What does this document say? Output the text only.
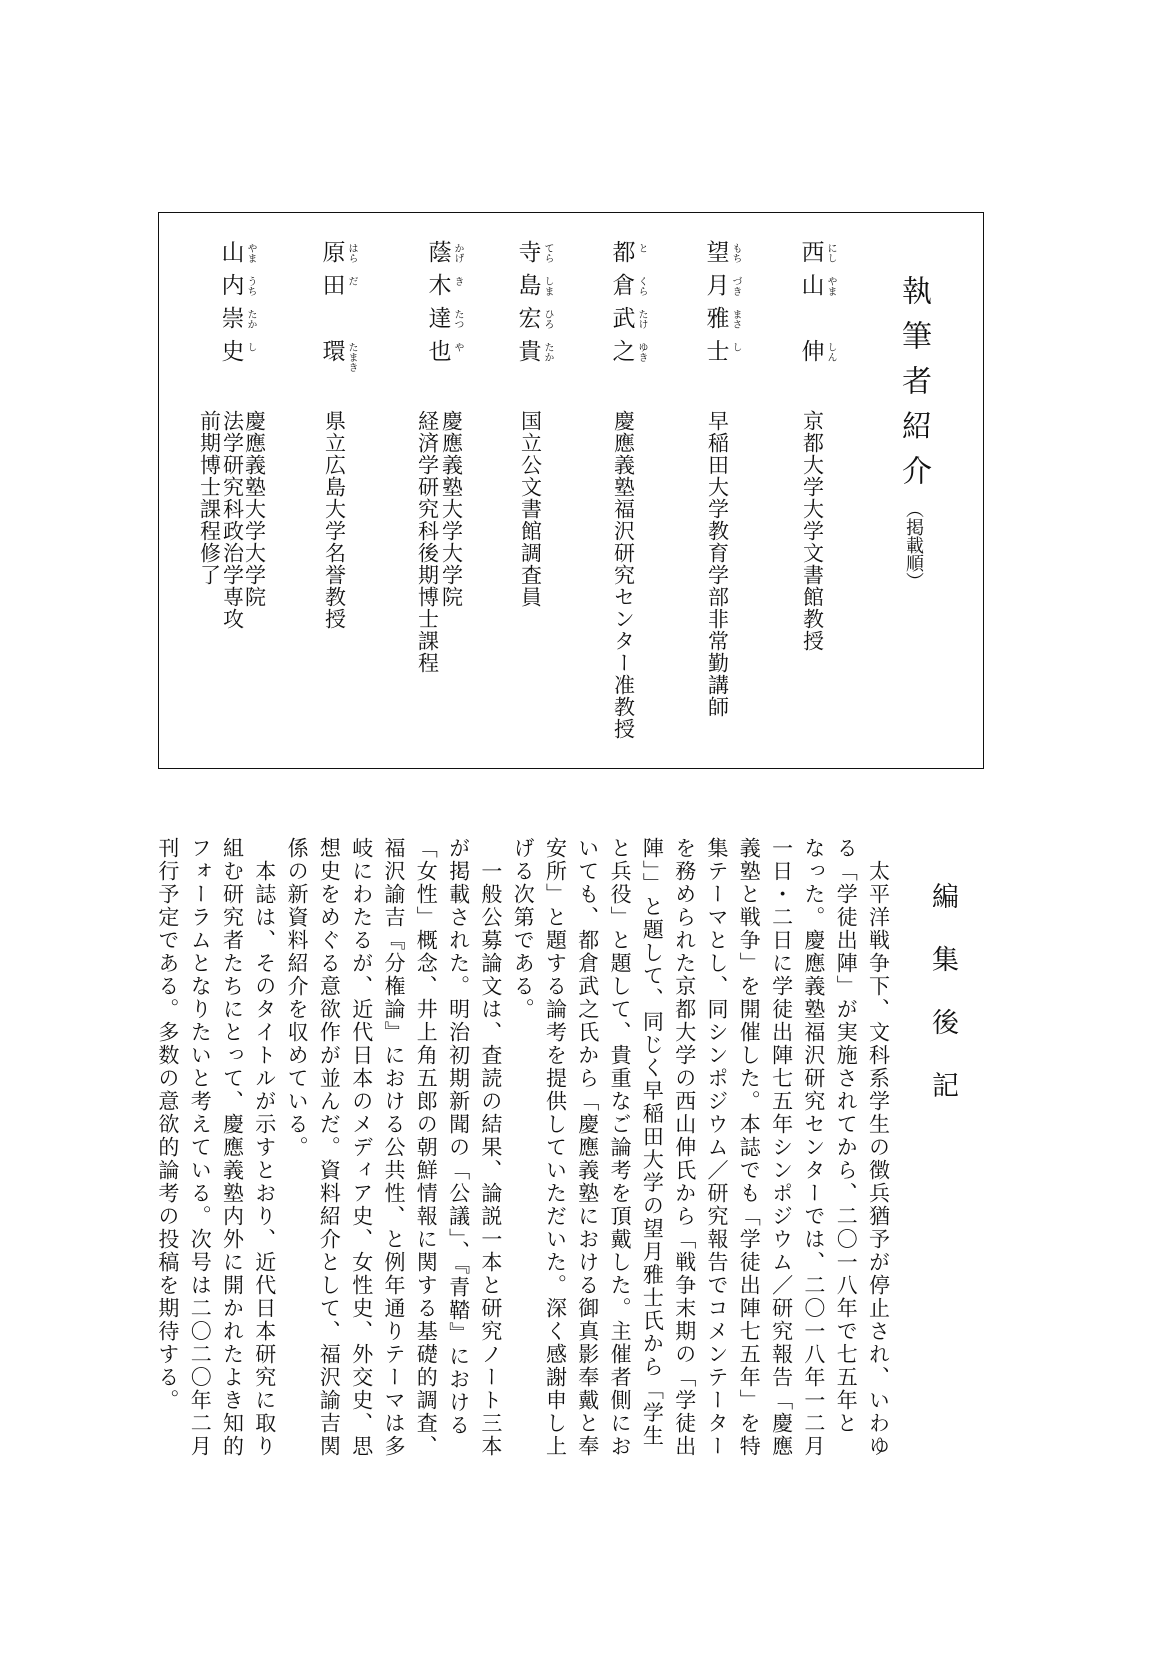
執筆者紹介
（掲載順）
西 にし
山 やま
伸 しん
京都大学大学文書館教授
望 もち
月 づき
雅 まさ
士 し
早稲田大学教育学部非常勤講師
都 と
倉 くら
武 たけ
之 ゆき
慶應義塾福沢研究センター准教授
寺 てら
島 しま
宏 ひろ
貴 たか
国立公文書館調査員
蔭 かげ
木 き
達 たつ
也 や
慶應義塾大学大学院
経済学研究科後期博士課程
原 はら
田 だ
環 たまき
県立広島大学名誉教授
山 やま
内 うち
崇 たか
史 し
慶應義塾大学大学院
法学研究科政治学専攻
前期博士課程修了
編集後記
　太平洋戦争下、文科系学生の徴兵猶予が停止され、いわゆ
る「学徒出陣」が実施されてから、二〇一八年で七五年と
なった。慶應義塾福沢研究センターでは、二〇一八年一二月
一日・二日に学徒出陣七五年シンポジウム／研究報告「慶應
義塾と戦争」を開催した。本誌でも「学徒出陣七五年」を特
集テーマとし、同シンポジウム／研究報告でコメンテーター
を務められた京都大学の西山伸氏から「戦争末期の「学徒出
陣」」と題して、同じく早稲田大学の望月雅士氏から「学生
と兵役」と題して、貴重なご論考を頂戴した。主催者側にお
いても、都倉武之氏から「慶應義塾における御真影奉戴と奉
安所」と題する論考を提供していただいた。深く感謝申し上
げる次第である。
　一般公募論文は、査読の結果、論説一本と研究ノート三本
が掲載された。明治初期新聞の「公議」、『青鞜』における
「女性」概念、井上角五郎の朝鮮情報に関する基礎的調査、
福沢諭吉『分権論』における公共性、と例年通りテーマは多
岐にわたるが、近代日本のメディア史、女性史、外交史、思
想史をめぐる意欲作が並んだ。資料紹介として、福沢諭吉関
係の新資料紹介を収めている。
　本誌は、そのタイトルが示すとおり、近代日本研究に取り
組む研究者たちにとって、慶應義塾内外に開かれたよき知的
フォーラムとなりたいと考えている。次号は二〇二〇年二月
刊行予定である。多数の意欲的論考の投稿を期待する。
